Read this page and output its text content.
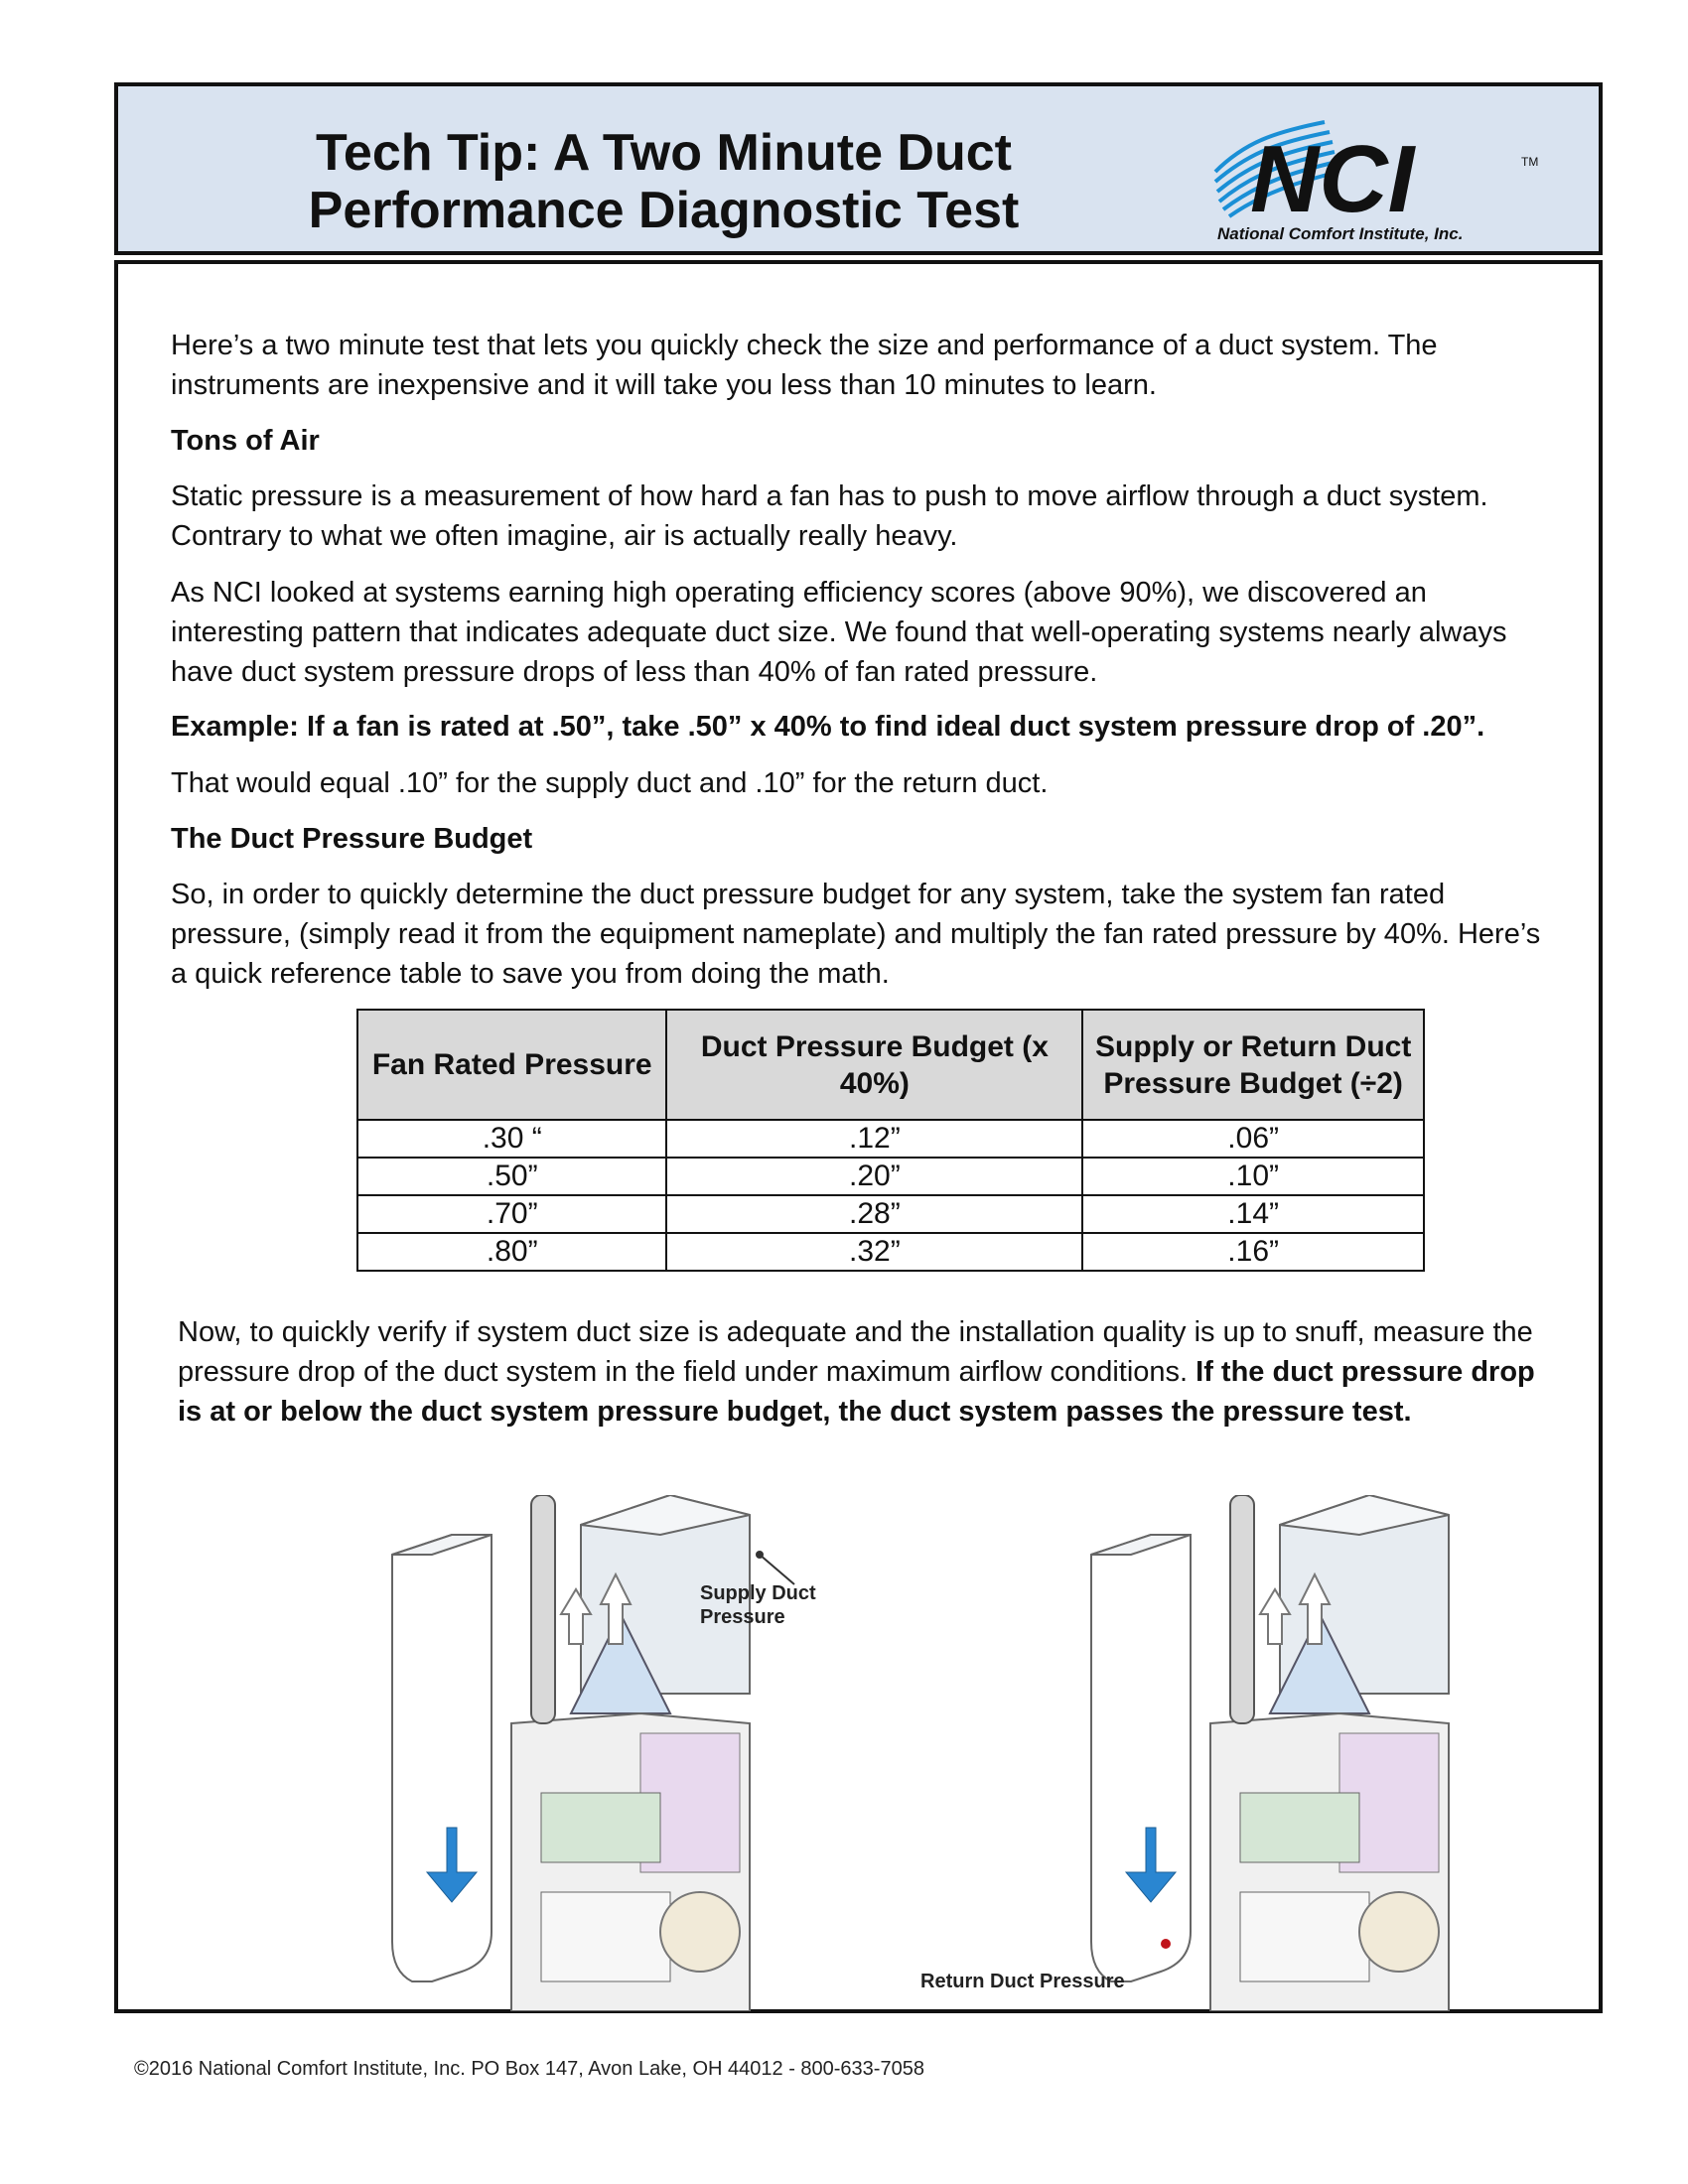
Tech Tip: A Two Minute Duct
Performance Diagnostic Test	NCI	TM
National Comfort Institute, Inc.

Here’s a two minute test that lets you quickly check the size and performance of a duct system. The instruments are inexpensive and it will take you less than 10 minutes to learn.

Tons of Air

Static pressure is a measurement of how hard a fan has to push to move airflow through a duct system. Contrary to what we often imagine, air is actually really heavy.

As NCI looked at systems earning high operating efficiency scores (above 90%), we discovered an interesting pattern that indicates adequate duct size. We found that well-operating systems nearly always have duct system pressure drops of less than 40% of fan rated pressure.

Example: If a fan is rated at .50”, take .50” x 40% to find ideal duct system pressure drop of .20”.

That would equal .10” for the supply duct and .10” for the return duct.

The Duct Pressure Budget

So, in order to quickly determine the duct pressure budget for any system, take the system fan rated pressure, (simply read it from the equipment nameplate) and multiply the fan rated pressure by 40%. Here’s a quick reference table to save you from doing the math.

Fan Rated Pressure	Duct Pressure Budget (x 40%)	Supply or Return Duct Pressure Budget (÷2)
.30 “	.12”	.06”
.50”	.20”	.10”
.70”	.28”	.14”
.80”	.32”	.16”

Now, to quickly verify if system duct size is adequate and the installation quality is up to snuff, measure the pressure drop of the duct system in the field under maximum airflow conditions. If the duct pressure drop is at or below the duct system pressure budget, the duct system passes the pressure test.

Supply Duct Pressure
Return Duct Pressure
©2016 National Comfort Institute, Inc. PO Box 147, Avon Lake, OH 44012 - 800-633-7058
